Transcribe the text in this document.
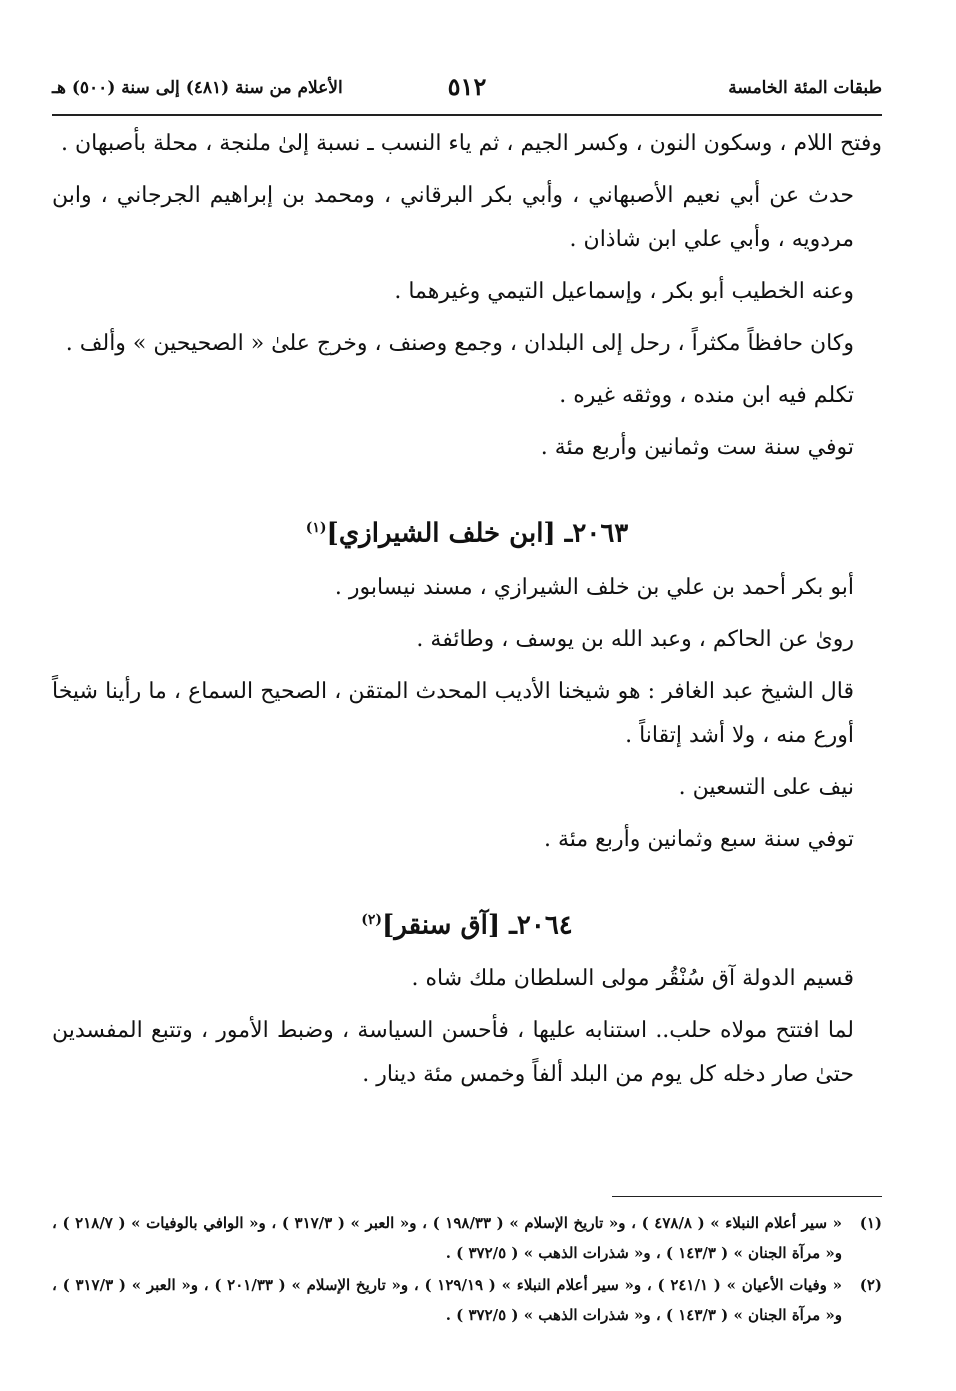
طبقات المئة الخامسة
٥١٢
الأعلام من سنة (٤٨١) إلى سنة (٥٠٠) هـ

وفتح اللام ، وسكون النون ، وكسر الجيم ، ثم ياء النسب ـ نسبة إلىٰ ملنجة ، محلة بأصبهان .

حدث عن أبي نعيم الأصبهاني ، وأبي بكر البرقاني ، ومحمد بن إبراهيم الجرجاني ، وابن مردويه ، وأبي علي ابن شاذان .

وعنه الخطيب أبو بكر ، وإسماعيل التيمي وغيرهما .

وكان حافظاً مكثراً ، رحل إلى البلدان ، وجمع وصنف ، وخرج علىٰ « الصحيحين » وألف .

تكلم فيه ابن منده ، ووثقه غيره .

توفي سنة ست وثمانين وأربع مئة .

٢٠٦٣ـ [ابن خلف الشيرازي]$^{(١)}$

أبو بكر أحمد بن علي بن خلف الشيرازي ، مسند نيسابور .

روىٰ عن الحاكم ، وعبد الله بن يوسف ، وطائفة .

قال الشيخ عبد الغافر : هو شيخنا الأديب المحدث المتقن ، الصحيح السماع ، ما رأينا شيخاً أورع منه ، ولا أشد إتقاناً .

نيف على التسعين .

توفي سنة سبع وثمانين وأربع مئة .

٢٠٦٤ـ [آق سنقر]$^{(٢)}$

قسيم الدولة آق سُنْقُر مولى السلطان ملك شاه .

لما افتتح مولاه حلب.. استنابه عليها ، فأحسن السياسة ، وضبط الأمور ، وتتبع المفسدين حتىٰ صار دخله كل يوم من البلد ألفاً وخمس مئة دينار .

(١)
« سير أعلام النبلاء » ( ٤٧٨/٨ ) ، و« تاريخ الإسلام » ( ١٩٨/٣٣ ) ، و« العبر » ( ٣١٧/٣ ) ، و« الوافي بالوفيات » ( ٢١٨/٧ ) ، و« مرآة الجنان » ( ١٤٣/٣ ) ، و« شذرات الذهب » ( ٣٧٢/٥ ) .
(٢)
« وفيات الأعيان » ( ٢٤١/١ ) ، و« سير أعلام النبلاء » ( ١٢٩/١٩ ) ، و« تاريخ الإسلام » ( ٢٠١/٣٣ ) ، و« العبر » ( ٣١٧/٣ ) ، و« مرآة الجنان » ( ١٤٣/٣ ) ، و« شذرات الذهب » ( ٣٧٢/٥ ) .
